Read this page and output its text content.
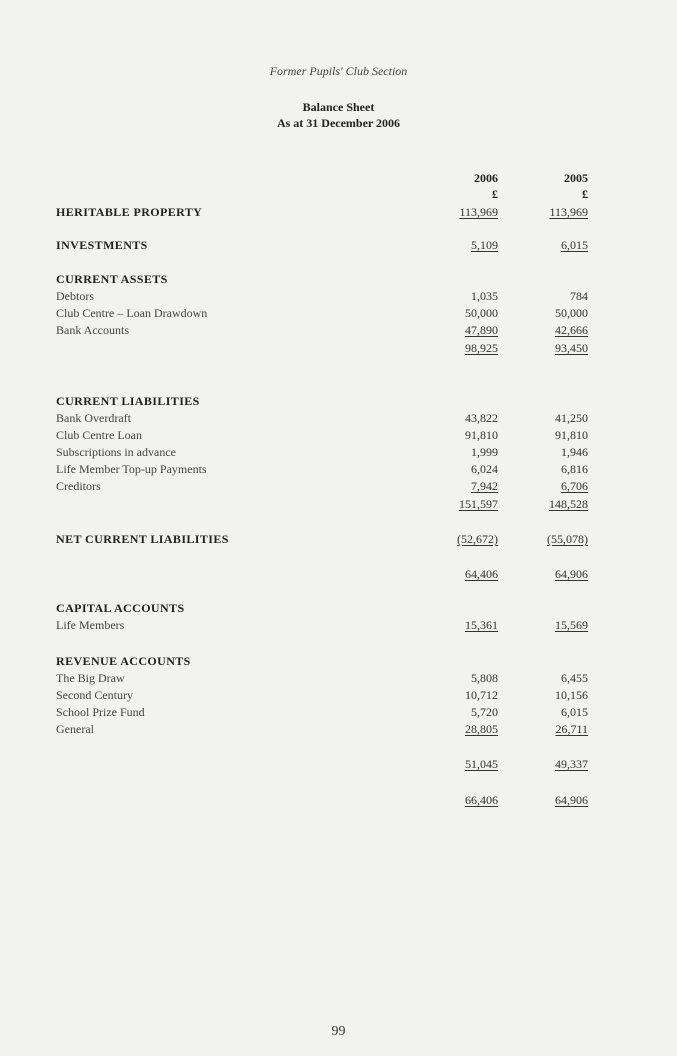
Former Pupils' Club Section
Balance Sheet
As at 31 December 2006
2006	2005
£	£
HERITABLE PROPERTY	113,969	113,969
INVESTMENTS	5,109	6,015
CURRENT ASSETS
Debtors	1,035	784
Club Centre – Loan Drawdown	50,000	50,000
Bank Accounts	47,890	42,666
98,925	93,450
CURRENT LIABILITIES
Bank Overdraft	43,822	41,250
Club Centre Loan	91,810	91,810
Subscriptions in advance	1,999	1,946
Life Member Top-up Payments	6,024	6,816
Creditors	7,942	6,706
151,597	148,528
NET CURRENT LIABILITIES	(52,672)	(55,078)
64,406	64,906
CAPITAL ACCOUNTS
Life Members	15,361	15,569
REVENUE ACCOUNTS
The Big Draw	5,808	6,455
Second Century	10,712	10,156
School Prize Fund	5,720	6,015
General	28,805	26,711
51,045	49,337
66,406	64,906
99
